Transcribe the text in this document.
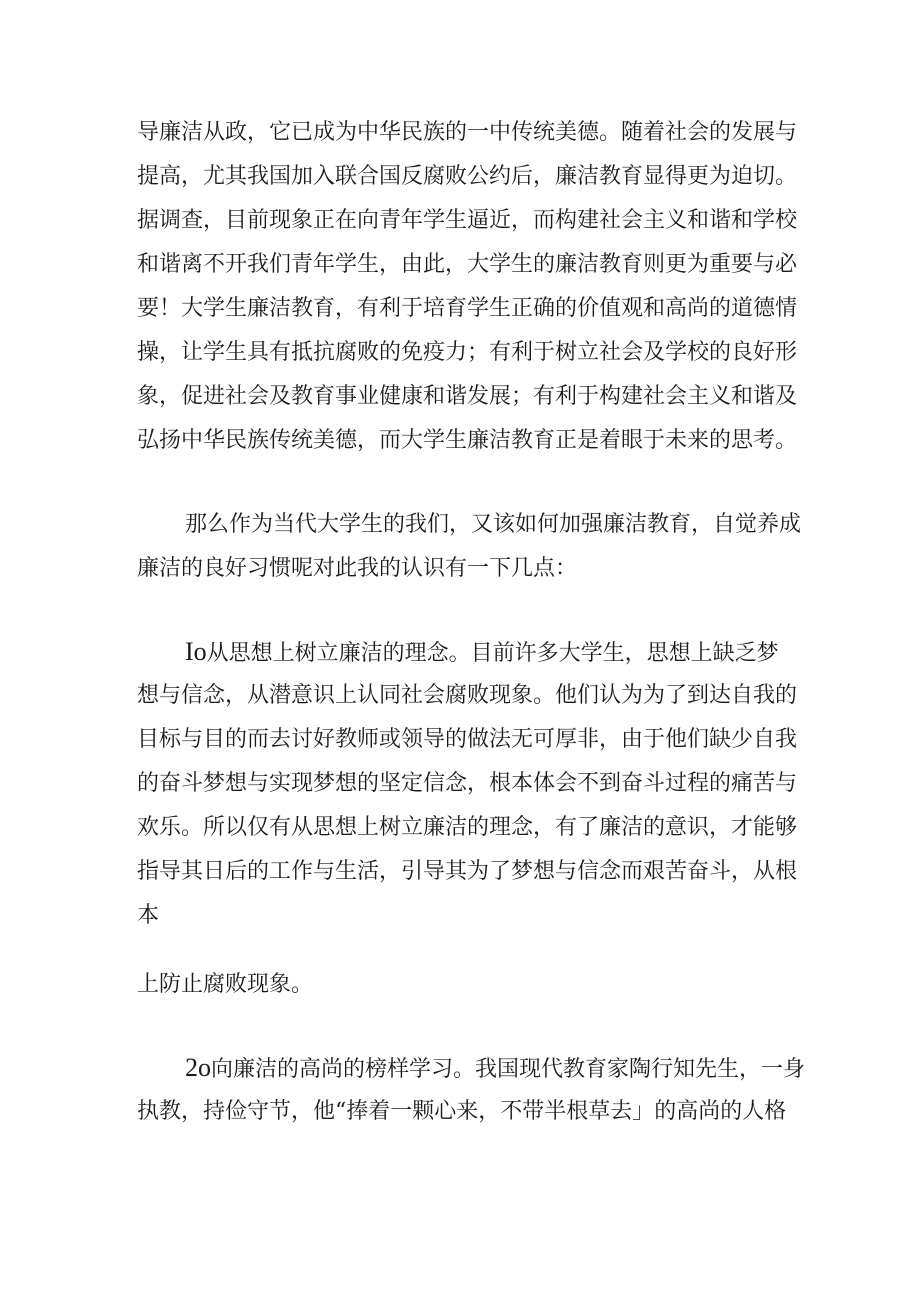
导廉洁从政，它已成为中华民族的一中传统美德。随着社会的发展与

提高，尤其我国加入联合国反腐败公约后，廉洁教育显得更为迫切。

据调查，目前现象正在向青年学生逼近，而构建社会主义和谐和学校

和谐离不开我们青年学生，由此，大学生的廉洁教育则更为重要与必

要！大学生廉洁教育，有利于培育学生正确的价值观和高尚的道德情

操，让学生具有抵抗腐败的免疫力；有利于树立社会及学校的良好形

象，促进社会及教育事业健康和谐发展；有利于构建社会主义和谐及

弘扬中华民族传统美德，而大学生廉洁教育正是着眼于未来的思考。

那么作为当代大学生的我们，又该如何加强廉洁教育，自觉养成

廉洁的良好习惯呢对此我的认识有一下几点：

Io从思想上树立廉洁的理念。目前许多大学生，思想上缺乏梦

想与信念，从潜意识上认同社会腐败现象。他们认为为了到达自我的

目标与目的而去讨好教师或领导的做法无可厚非，由于他们缺少自我

的奋斗梦想与实现梦想的坚定信念，根本体会不到奋斗过程的痛苦与

欢乐。所以仅有从思想上树立廉洁的理念，有了廉洁的意识，才能够

指导其日后的工作与生活，引导其为了梦想与信念而艰苦奋斗，从根

本

上防止腐败现象。

2o向廉洁的高尚的榜样学习。我国现代教育家陶行知先生，一身

执教，持俭守节，他“捧着一颗心来，不带半根草去」的高尚的人格
